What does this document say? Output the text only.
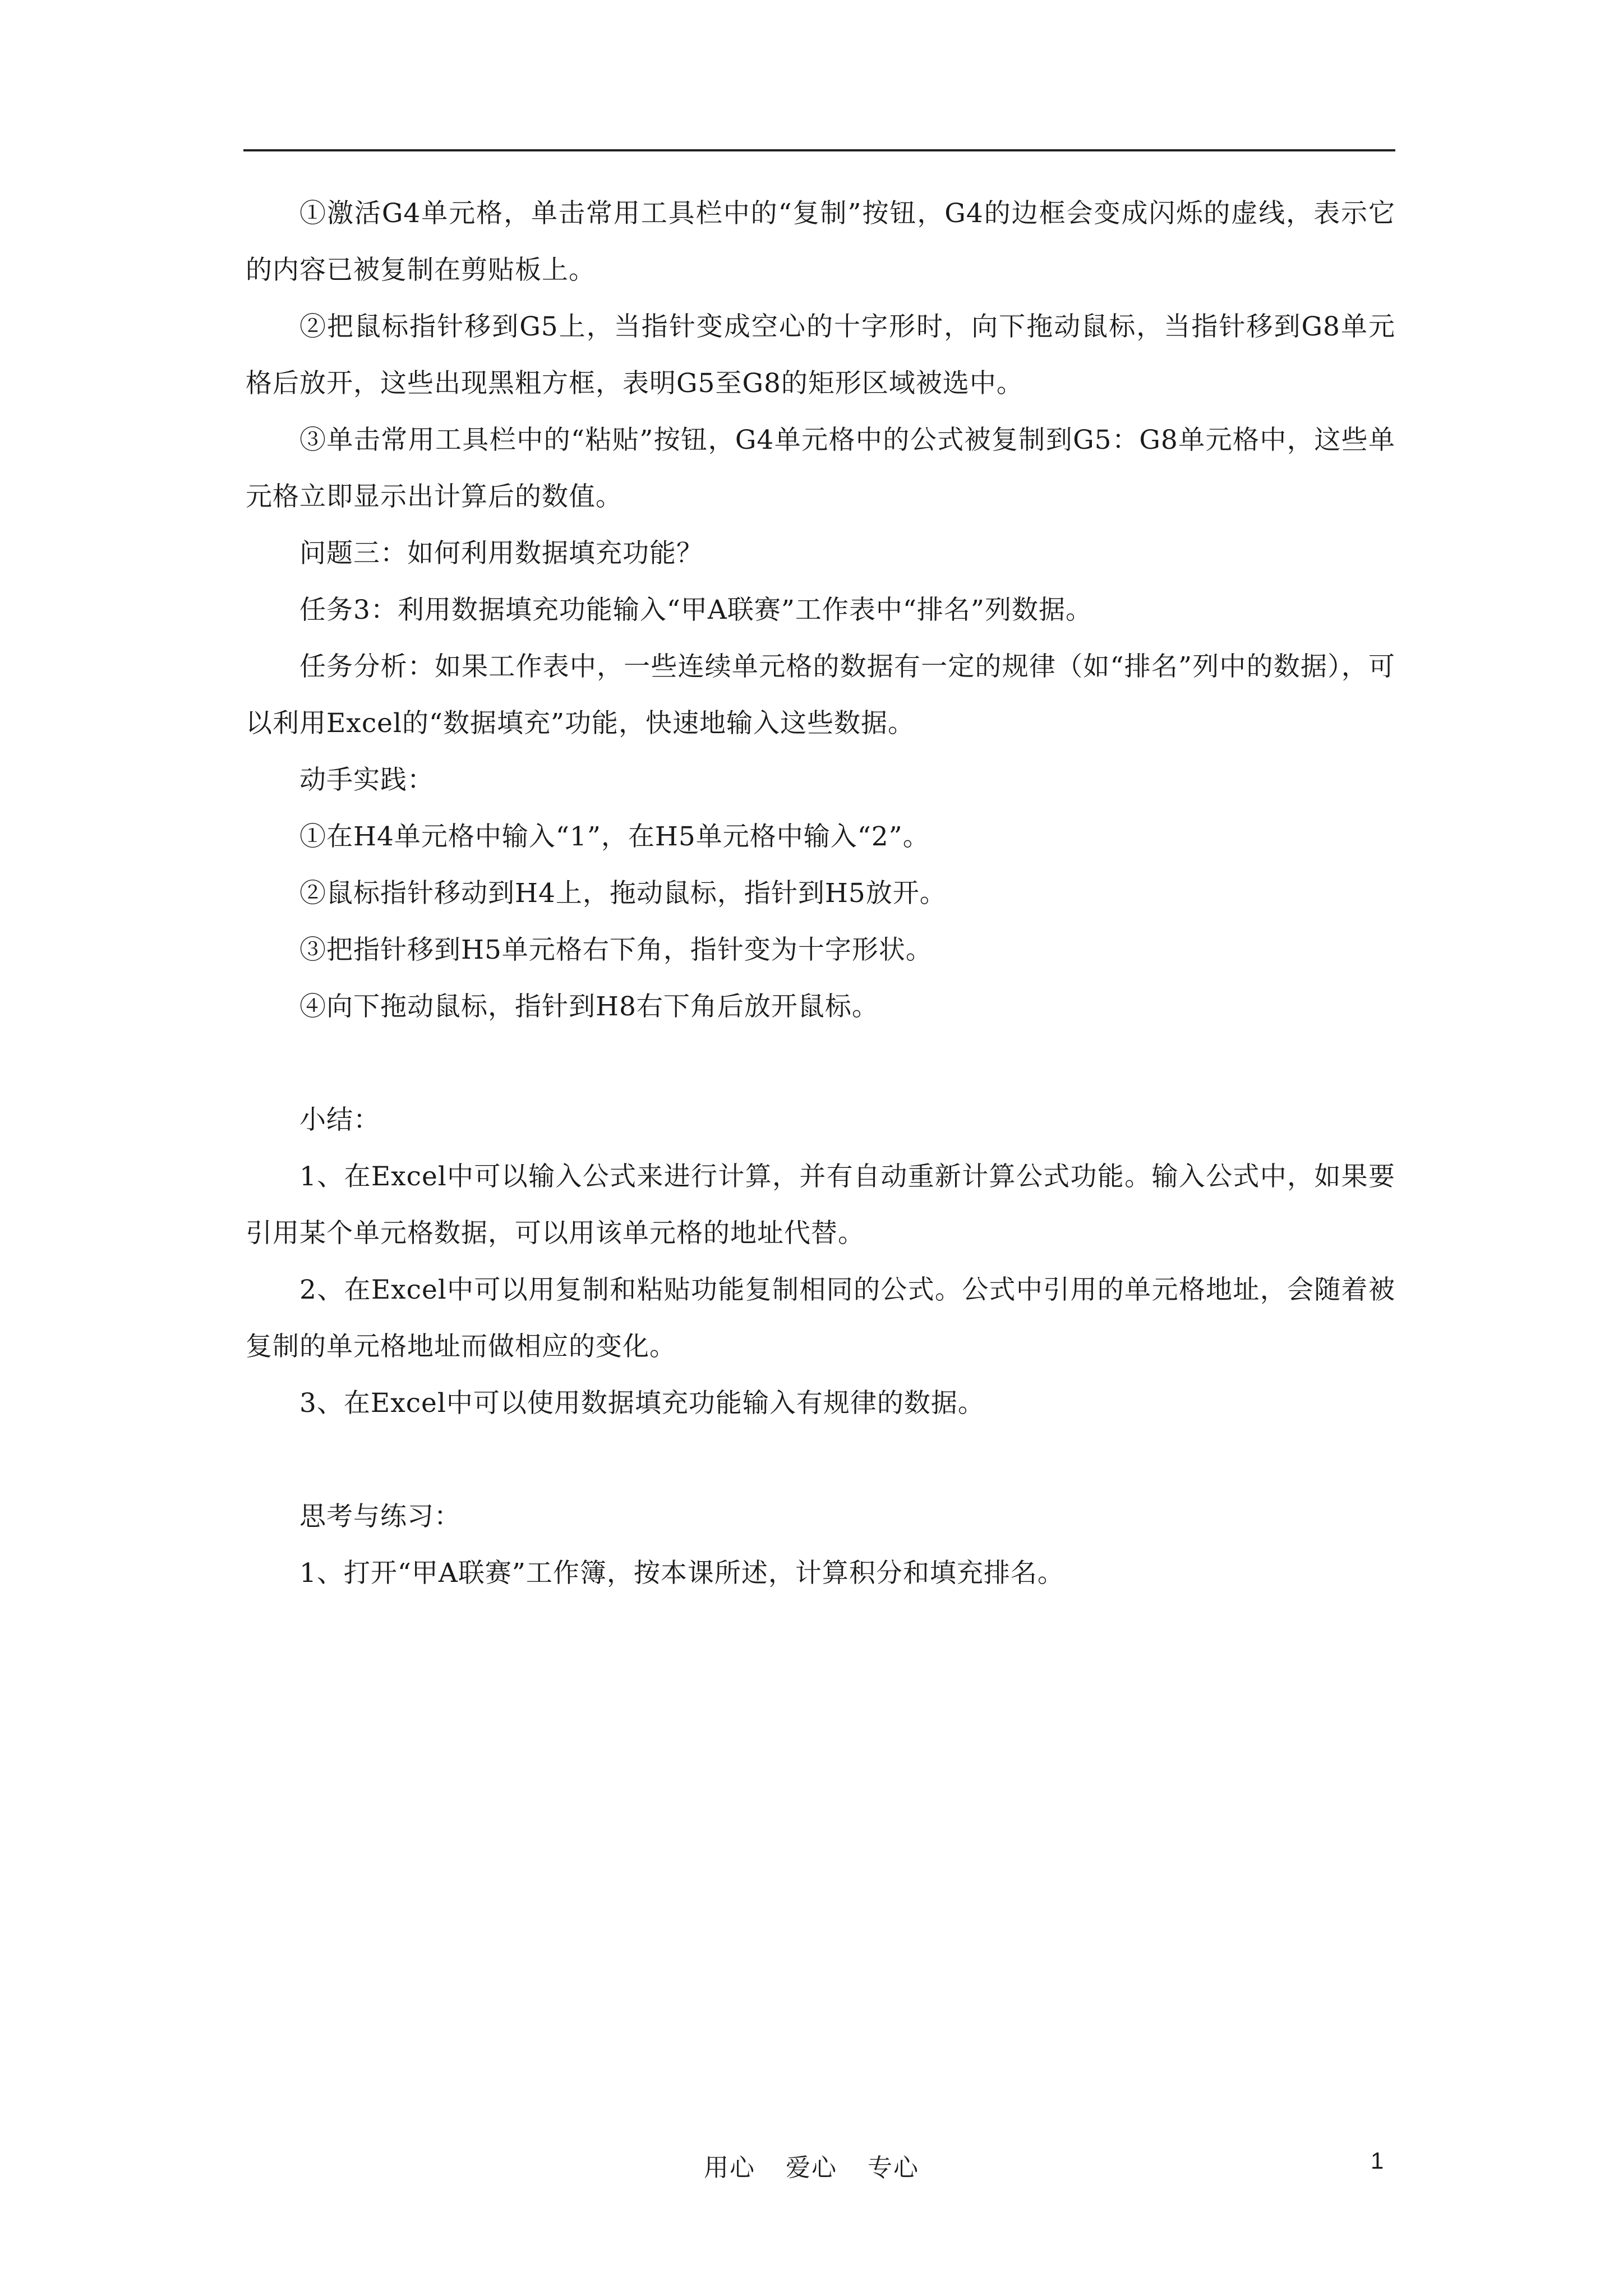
①激活G4单元格，单击常用工具栏中的“复制”按钮，G4的边框会变成闪烁的虚线，表示它的内容已被复制在剪贴板上。

②把鼠标指针移到G5上，当指针变成空心的十字形时，向下拖动鼠标，当指针移到G8单元格后放开，这些出现黑粗方框，表明G5至G8的矩形区域被选中。

③单击常用工具栏中的“粘贴”按钮，G4单元格中的公式被复制到G5：G8单元格中，这些单元格立即显示出计算后的数值。

问题三：如何利用数据填充功能？

任务3：利用数据填充功能输入“甲A联赛”工作表中“排名”列数据。

任务分析：如果工作表中，一些连续单元格的数据有一定的规律（如“排名”列中的数据），可以利用Excel的“数据填充”功能，快速地输入这些数据。

动手实践：

①在H4单元格中输入“1”，在H5单元格中输入“2”。

②鼠标指针移动到H4上，拖动鼠标，指针到H5放开。

③把指针移到H5单元格右下角，指针变为十字形状。

④向下拖动鼠标，指针到H8右下角后放开鼠标。

小结：

1、在Excel中可以输入公式来进行计算，并有自动重新计算公式功能。输入公式中，如果要引用某个单元格数据，可以用该单元格的地址代替。

2、在Excel中可以用复制和粘贴功能复制相同的公式。公式中引用的单元格地址，会随着被复制的单元格地址而做相应的变化。

3、在Excel中可以使用数据填充功能输入有规律的数据。

思考与练习：

1、打开“甲A联赛”工作簿，按本课所述，计算积分和填充排名。

用心 爱心 专心	1
